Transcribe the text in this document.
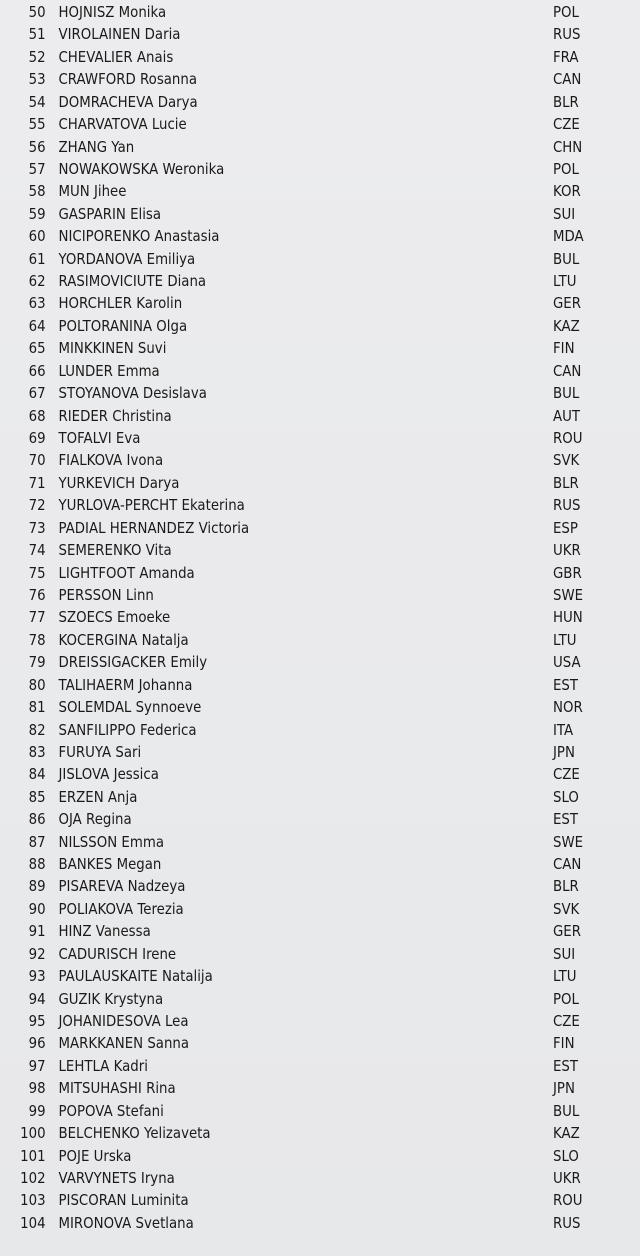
50 HOJNISZ Monika	POL
51 VIROLAINEN Daria	RUS
52 CHEVALIER Anais	FRA
53 CRAWFORD Rosanna	CAN
54 DOMRACHEVA Darya	BLR
55 CHARVATOVA Lucie	CZE
56 ZHANG Yan	CHN
57 NOWAKOWSKA Weronika	POL
58 MUN Jihee	KOR
59 GASPARIN Elisa	SUI
60 NICIPORENKO Anastasia	MDA
61 YORDANOVA Emiliya	BUL
62 RASIMOVICIUTE Diana	LTU
63 HORCHLER Karolin	GER
64 POLTORANINA Olga	KAZ
65 MINKKINEN Suvi	FIN
66 LUNDER Emma	CAN
67 STOYANOVA Desislava	BUL
68 RIEDER Christina	AUT
69 TOFALVI Eva	ROU
70 FIALKOVA Ivona	SVK
71 YURKEVICH Darya	BLR
72 YURLOVA-PERCHT Ekaterina	RUS
73 PADIAL HERNANDEZ Victoria	ESP
74 SEMERENKO Vita	UKR
75 LIGHTFOOT Amanda	GBR
76 PERSSON Linn	SWE
77 SZOECS Emoeke	HUN
78 KOCERGINA Natalja	LTU
79 DREISSIGACKER Emily	USA
80 TALIHAERM Johanna	EST
81 SOLEMDAL Synnoeve	NOR
82 SANFILIPPO Federica	ITA
83 FURUYA Sari	JPN
84 JISLOVA Jessica	CZE
85 ERZEN Anja	SLO
86 OJA Regina	EST
87 NILSSON Emma	SWE
88 BANKES Megan	CAN
89 PISAREVA Nadzeya	BLR
90 POLIAKOVA Terezia	SVK
91 HINZ Vanessa	GER
92 CADURISCH Irene	SUI
93 PAULAUSKAITE Natalija	LTU
94 GUZIK Krystyna	POL
95 JOHANIDESOVA Lea	CZE
96 MARKKANEN Sanna	FIN
97 LEHTLA Kadri	EST
98 MITSUHASHI Rina	JPN
99 POPOVA Stefani	BUL
100 BELCHENKO Yelizaveta	KAZ
101 POJE Urska	SLO
102 VARVYNETS Iryna	UKR
103 PISCORAN Luminita	ROU
104 MIRONOVA Svetlana	RUS
